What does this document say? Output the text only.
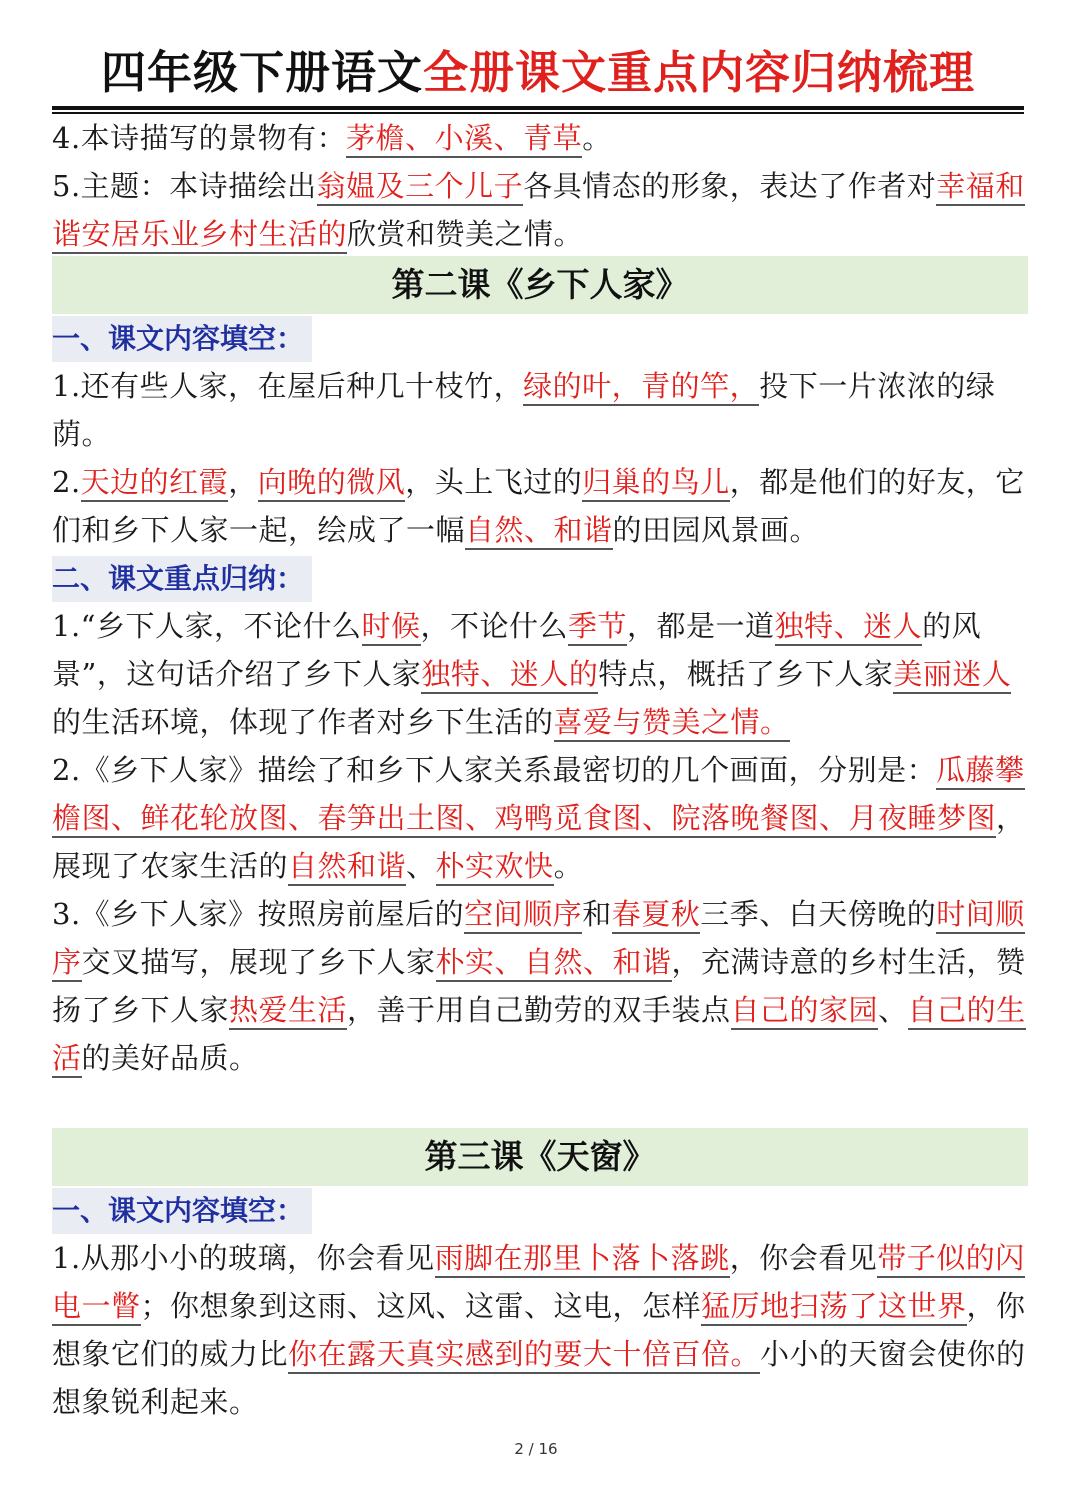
四年级下册语文全册课文重点内容归纳梳理

4.本诗描写的景物有：茅檐、小溪、青草。

5.主题：本诗描绘出翁媪及三个儿子各具情态的形象，表达了作者对幸福和谐安居乐业乡村生活的欣赏和赞美之情。

第二课《乡下人家》
一、课文内容填空：

1.还有些人家，在屋后种几十枝竹，绿的叶，青的竿，投下一片浓浓的绿荫。

2.天边的红霞，向晚的微风，头上飞过的归巢的鸟儿，都是他们的好友，它们和乡下人家一起，绘成了一幅自然、和谐的田园风景画。

二、课文重点归纳：

1.“乡下人家，不论什么时候，不论什么季节，都是一道独特、迷人的风景”，这句话介绍了乡下人家独特、迷人的特点，概括了乡下人家美丽迷人的生活环境，体现了作者对乡下生活的喜爱与赞美之情。

2.《乡下人家》描绘了和乡下人家关系最密切的几个画面，分别是：瓜藤攀檐图、鲜花轮放图、春笋出土图、鸡鸭觅食图、院落晚餐图、月夜睡梦图，展现了农家生活的自然和谐、朴实欢快。

3.《乡下人家》按照房前屋后的空间顺序和春夏秋三季、白天傍晚的时间顺序交叉描写，展现了乡下人家朴实、自然、和谐，充满诗意的乡村生活，赞扬了乡下人家热爱生活，善于用自己勤劳的双手装点自己的家园、自己的生活的美好品质。

第三课《天窗》
一、课文内容填空：

1.从那小小的玻璃，你会看见雨脚在那里卜落卜落跳，你会看见带子似的闪电一瞥；你想象到这雨、这风、这雷、这电，怎样猛厉地扫荡了这世界，你想象它们的威力比你在露天真实感到的要大十倍百倍。小小的天窗会使你的想象锐利起来。

2 / 16
